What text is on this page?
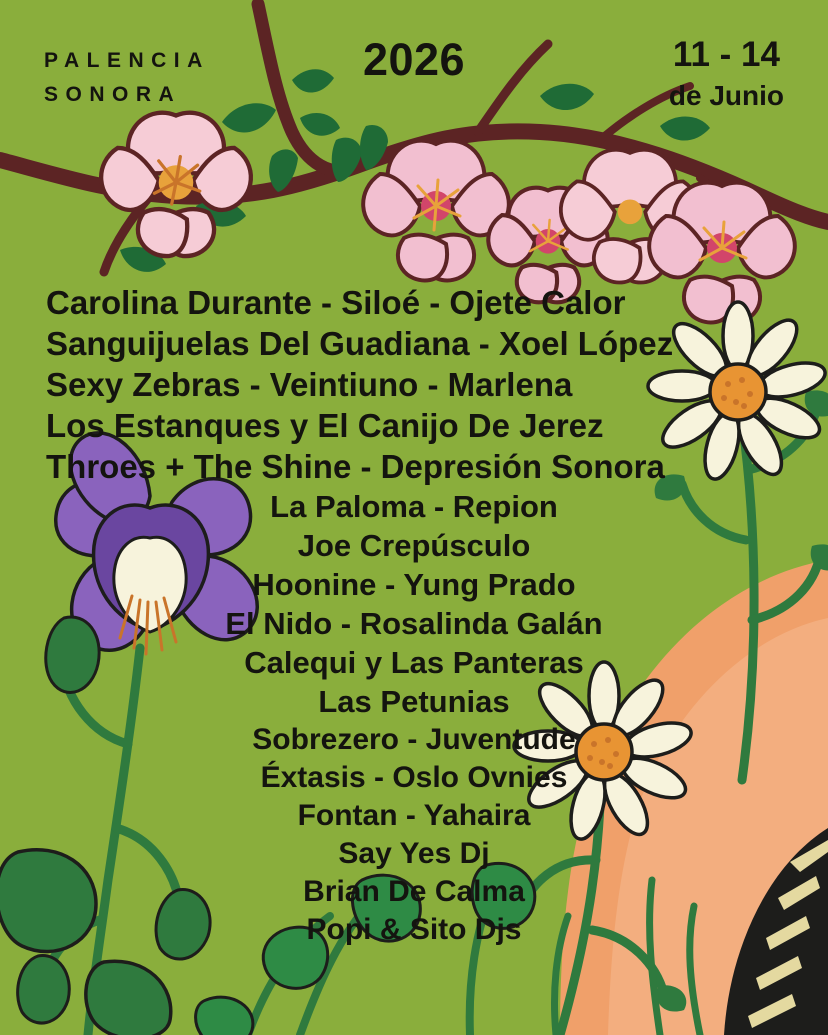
PALENCIA
SONORA
2026	11 - 14
de Junio
Carolina Durante - Siloé - Ojete Calor
Sanguijuelas Del Guadiana - Xoel López
Sexy Zebras - Veintiuno - Marlena
Los Estanques y El Canijo De Jerez
Throes + The Shine - Depresión Sonora
La Paloma - Repion
Joe Crepúsculo
Hoonine - Yung Prado
El Nido - Rosalinda Galán
Calequi y Las Panteras
Las Petunias
Sobrezero - Juventude
Éxtasis - Oslo Ovnies
Fontan - Yahaira
Say Yes Dj
Brian De Calma
Popi & Sito Djs
